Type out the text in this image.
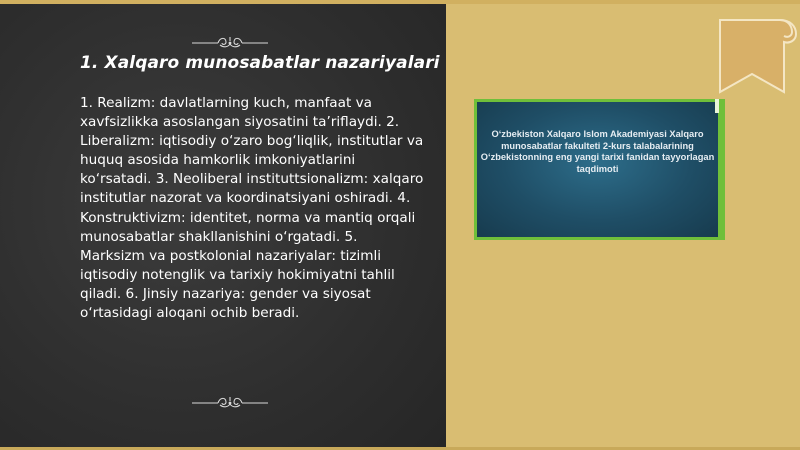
1. Xalqaro munosabatlar nazariyalari

1. Realizm: davlatlarning kuch, manfaat va xavfsizlikka asoslangan siyosatini ta’riflaydi. 2. Liberalizm: iqtisodiy o‘zaro bog‘liqlik, institutlar va huquq asosida hamkorlik imkoniyatlarini ko‘rsatadi. 3. Neoliberal instituttsionalizm: xalqaro institutlar nazorat va koordinatsiyani oshiradi. 4. Konstruktivizm: identitet, norma va mantiq orqali munosabatlar shakllanishini o‘rgatadi. 5. Marksizm va postkolonial nazariyalar: tizimli iqtisodiy notenglik va tarixiy hokimiyatni tahlil qiladi. 6. Jinsiy nazariya: gender va siyosat o‘rtasidagi aloqani ochib beradi.

O‘zbekiston Xalqaro Islom Akademiyasi Xalqaro munosabatlar fakulteti 2-kurs talabalarining O‘zbekistonning eng yangi tarixi fanidan tayyorlagan taqdimoti
